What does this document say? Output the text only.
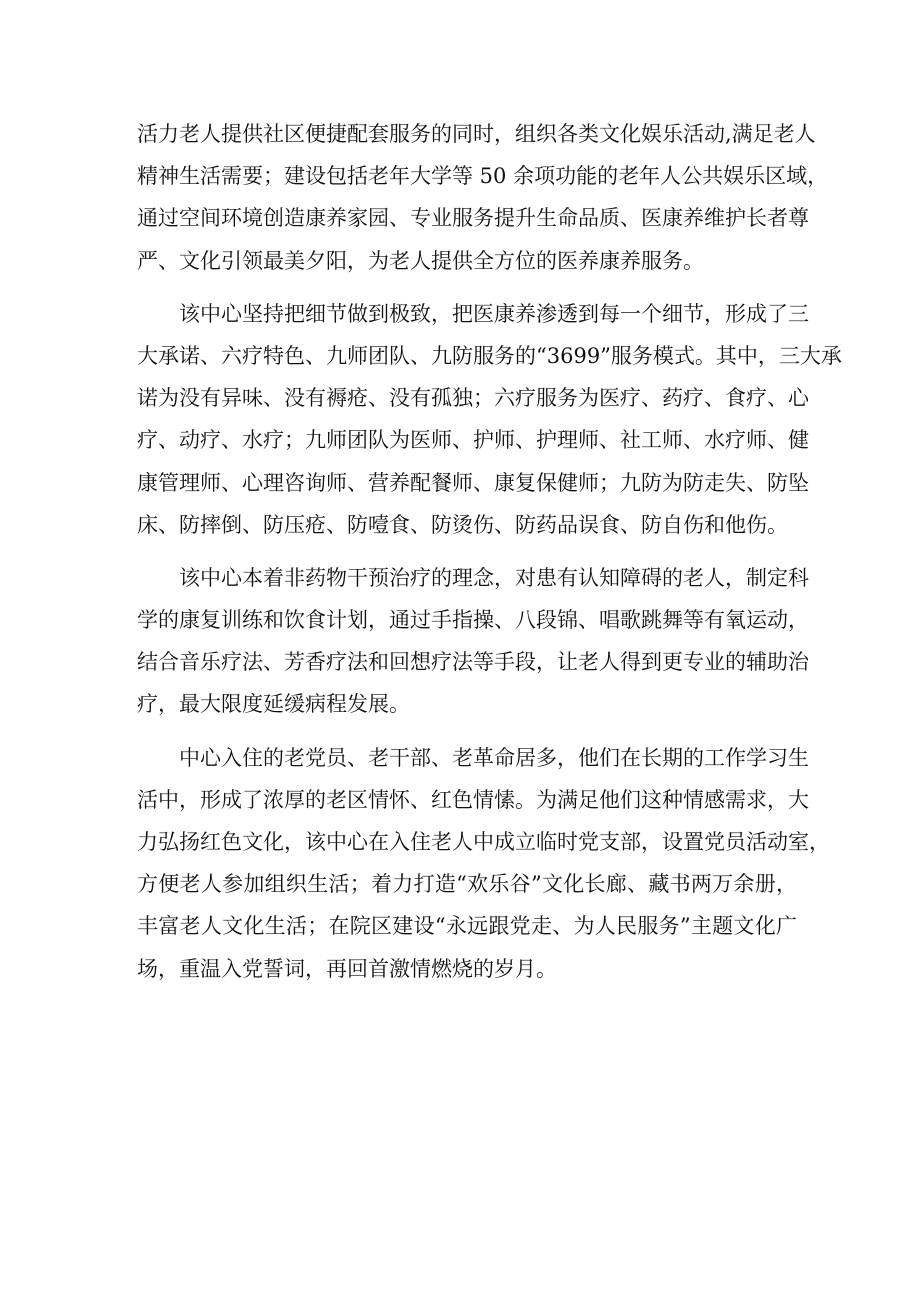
活力老人提供社区便捷配套服务的同时，组织各类文化娱乐活动,满足老人
精神生活需要；建设包括老年大学等 50 余项功能的老年人公共娱乐区域，
通过空间环境创造康养家园、专业服务提升生命品质、医康养维护长者尊
严、文化引领最美夕阳，为老人提供全方位的医养康养服务。

该中心坚持把细节做到极致，把医康养渗透到每一个细节，形成了三
大承诺、六疗特色、九师团队、九防服务的“3699”服务模式。其中，三大承
诺为没有异味、没有褥疮、没有孤独；六疗服务为医疗、药疗、食疗、心
疗、动疗、水疗；九师团队为医师、护师、护理师、社工师、水疗师、健
康管理师、心理咨询师、营养配餐师、康复保健师；九防为防走失、防坠
床、防摔倒、防压疮、防噎食、防烫伤、防药品误食、防自伤和他伤。

该中心本着非药物干预治疗的理念，对患有认知障碍的老人，制定科
学的康复训练和饮食计划，通过手指操、八段锦、唱歌跳舞等有氧运动，
结合音乐疗法、芳香疗法和回想疗法等手段，让老人得到更专业的辅助治
疗，最大限度延缓病程发展。

中心入住的老党员、老干部、老革命居多，他们在长期的工作学习生
活中，形成了浓厚的老区情怀、红色情愫。为满足他们这种情感需求，大
力弘扬红色文化，该中心在入住老人中成立临时党支部，设置党员活动室，
方便老人参加组织生活；着力打造“欢乐谷”文化长廊、藏书两万余册，
丰富老人文化生活；在院区建设“永远跟党走、为人民服务”主题文化广
场，重温入党誓词，再回首激情燃烧的岁月。
